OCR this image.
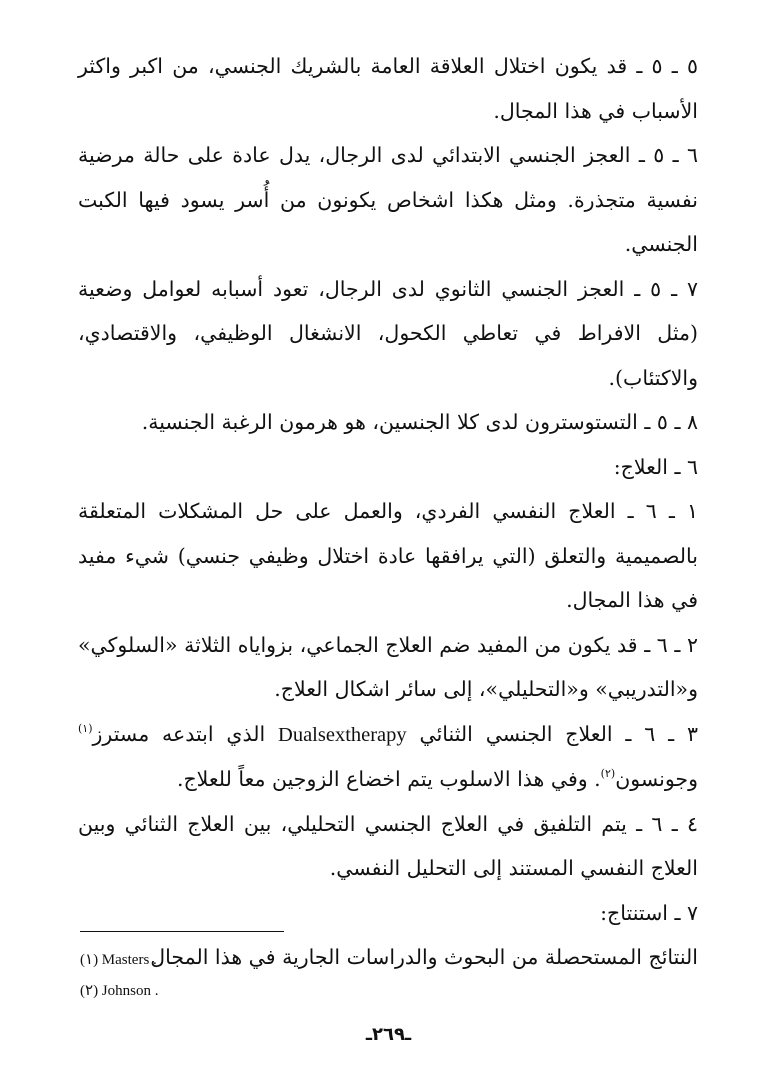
٥ ـ ٥ ـ قد يكون اختلال العلاقة العامة بالشريك الجنسي، من اكبر واكثر الأسباب في هذا المجال.

٦ ـ ٥ ـ العجز الجنسي الابتدائي لدى الرجال، يدل عادة على حالة مرضية نفسية متجذرة. ومثل هكذا اشخاص يكونون من أُسر يسود فيها الكبت الجنسي.

٧ ـ ٥ ـ العجز الجنسي الثانوي لدى الرجال، تعود أسبابه لعوامل وضعية (مثل الافراط في تعاطي الكحول، الانشغال الوظيفي، والاقتصادي، والاكتئاب).

٨ ـ ٥ ـ التستوسترون لدى كلا الجنسين، هو هرمون الرغبة الجنسية.

٦ ـ العلاج:

١ ـ ٦ ـ العلاج النفسي الفردي، والعمل على حل المشكلات المتعلقة بالصميمية والتعلق (التي يرافقها عادة اختلال وظيفي جنسي) شيء مفيد في هذا المجال.

٢ ـ ٦ ـ قد يكون من المفيد ضم العلاج الجماعي، بزواياه الثلاثة «السلوكي» و«التدريبي» و«التحليلي»، إلى سائر اشكال العلاج.

٣ ـ ٦ ـ العلاج الجنسي الثنائي Dualsextherapy الذي ابتدعه مسترز$^{(١)}$ وجونسون$^{(٢)}$. وفي هذا الاسلوب يتم اخضاع الزوجين معاً للعلاج.

٤ ـ ٦ ـ يتم التلفيق في العلاج الجنسي التحليلي، بين العلاج الثنائي وبين العلاج النفسي المستند إلى التحليل النفسي.

٧ ـ استنتاج:

النتائج المستحصلة من البحوث والدراسات الجارية في هذا المجال

(١) Masters .
(٢) Johnson .
ـ٢٦٩ـ
